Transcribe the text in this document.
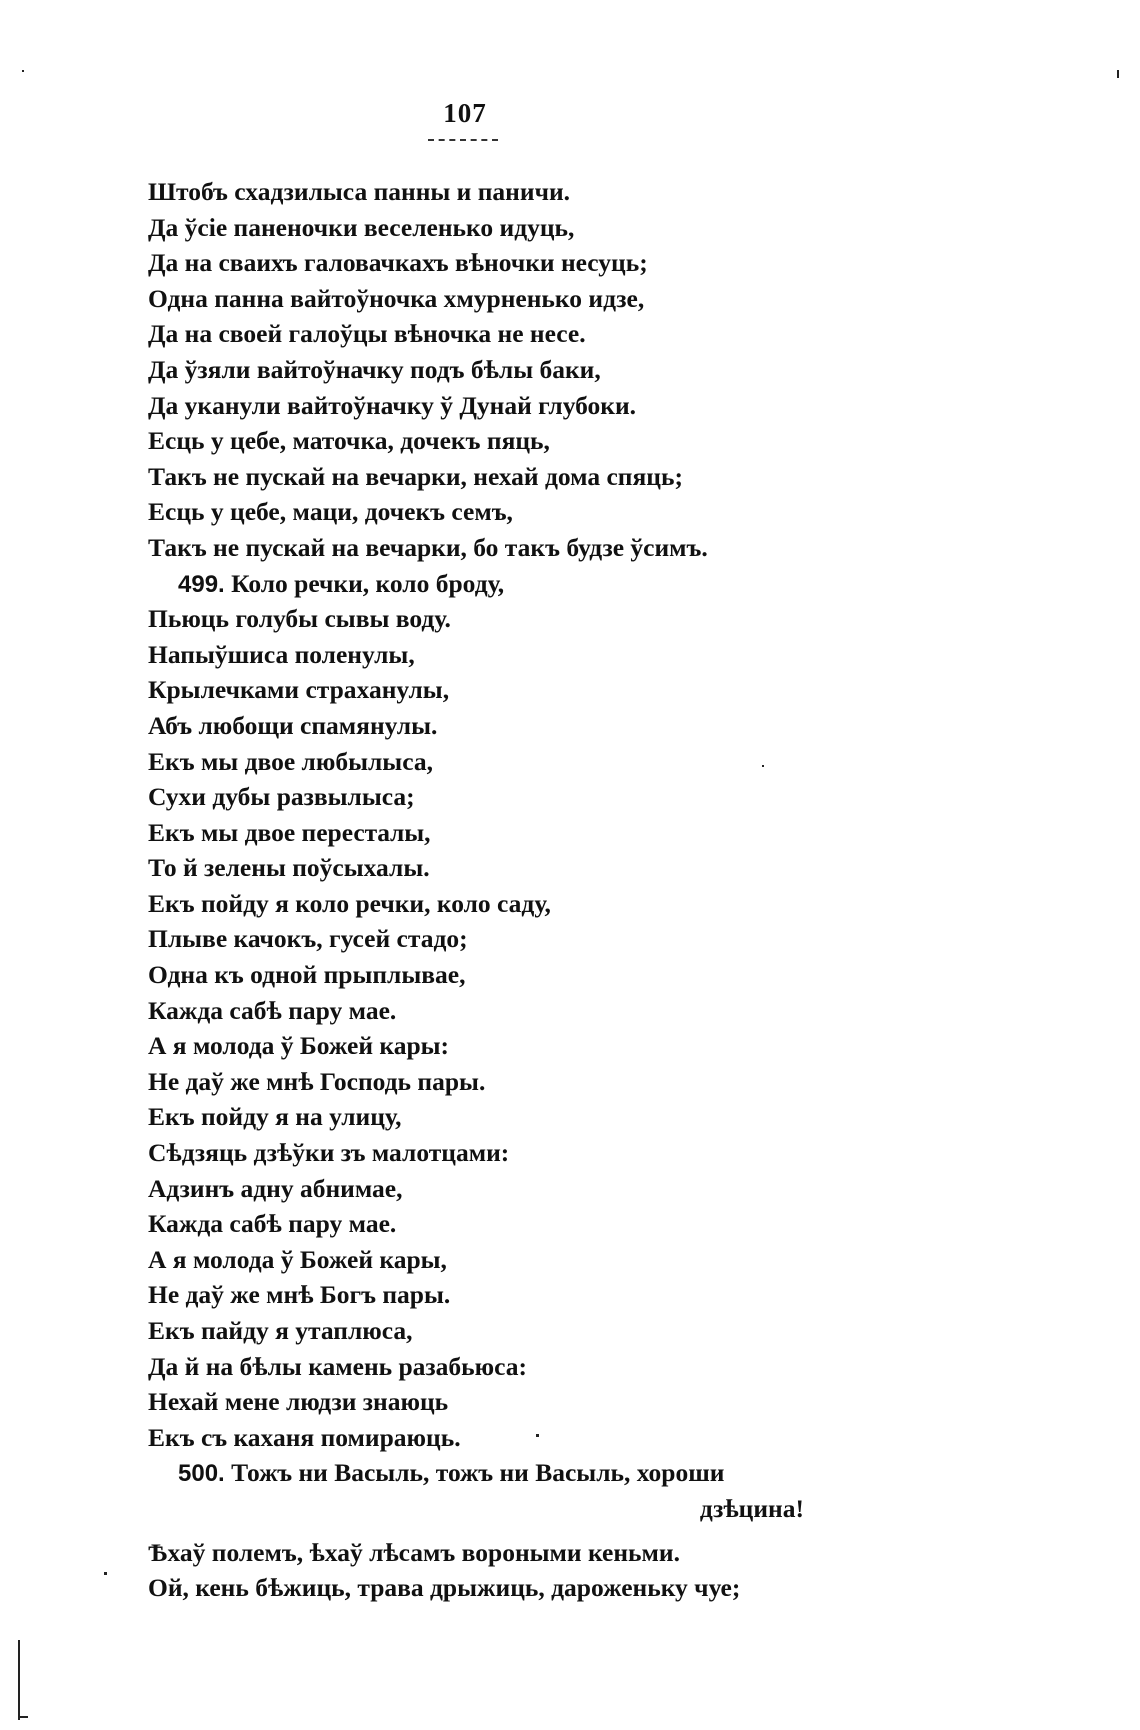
107
Штобъ схадзилыса панны и паничи.
Да ўсіе паненочки веселенько идуць,
Да на сваихъ галовачкахъ вѣночки несуць;
Одна панна вайтоўночка хмурненько идзе,
Да на своей галоўцы вѣночка не несе.
Да ўзяли вайтоўначку подъ бѣлы баки,
Да укaнули вайтоўначку ў Дунай глубоки.
Есць у цебе, маточка, дочекъ пяць,
Такъ не пускай на вечарки, нехай дома спяць;
Есць у цебе, мaци, дочекъ семъ,
Такъ не пускай на вечарки, бо такъ будзе ўсимъ.
499. Коло речки, коло броду,
Пьюць голубы сывы воду.
Напыўшиса поленулы,
Крылечками страханулы,
Абъ любощи спамянулы.
Екъ мы двое любылыса,
Сухи дубы развылыса;
Екъ мы двое перестaлы,
То й зелены поўсыхалы.
Екъ пойду я коло речки, коло саду,
Плыве качокъ, гусей стадо;
Одна къ одной прыплывае,
Кажда сабѣ пару мае.
А я молода ў Божей кары:
Не даў же мнѣ Господь пары.
Екъ пойду я на улицу,
Сѣдзяць дзѣўки зъ малотцами:
Адзинъ адну абнимае,
Кажда сабѣ пару мае.
А я молода ў Божей кары,
Не даў же мнѣ Богъ пары.
Екъ пайду я утаплюса,
Да й на бѣлы камень разабьюса:
Нехай мене людзи знаюць
Екъ съ каханя помираюць.
500. Тожъ ни Васыль, тожъ ни Васыль, хороши
дзѣцина!
Ѣхаў полемъ, ѣхаў лѣсамъ вороными кеньми.
Ой, кень бѣжиць, трава дрыжиць, дароженьку чуе;
